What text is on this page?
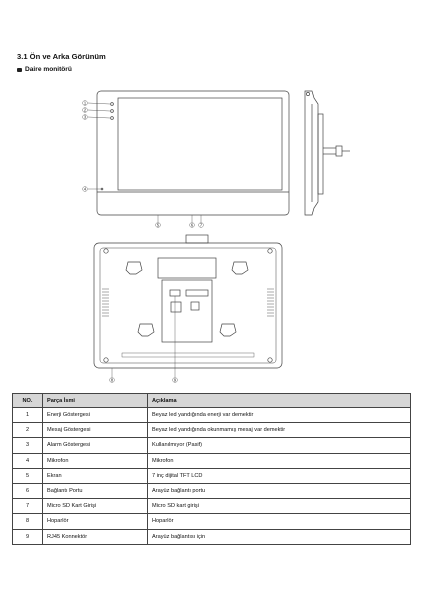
3.1 Ön ve Arka Görünüm
Daire monitörü
1
2
3
4
5	6 7
8	9
NO.	Parça İsmi	Açıklama
1	Enerji Göstergesi	Beyaz led yandığında enerji var demektir
2	Mesaj Göstergesi	Beyaz led yandığında okunmamış mesaj var demektir
3	Alarm Göstergesi	Kullanılmıyor (Pasif)
4	Mikrofon	Mikrofon
5	Ekran	7 inç dijital TFT LCD
6	Bağlantı Portu	Arayüz bağlantı portu
7	Micro SD Kart Girişi	Micro SD kart girişi
8	Hoparlör	Hoparlör
9	RJ45 Konnektör	Arayüz bağlantısı için
